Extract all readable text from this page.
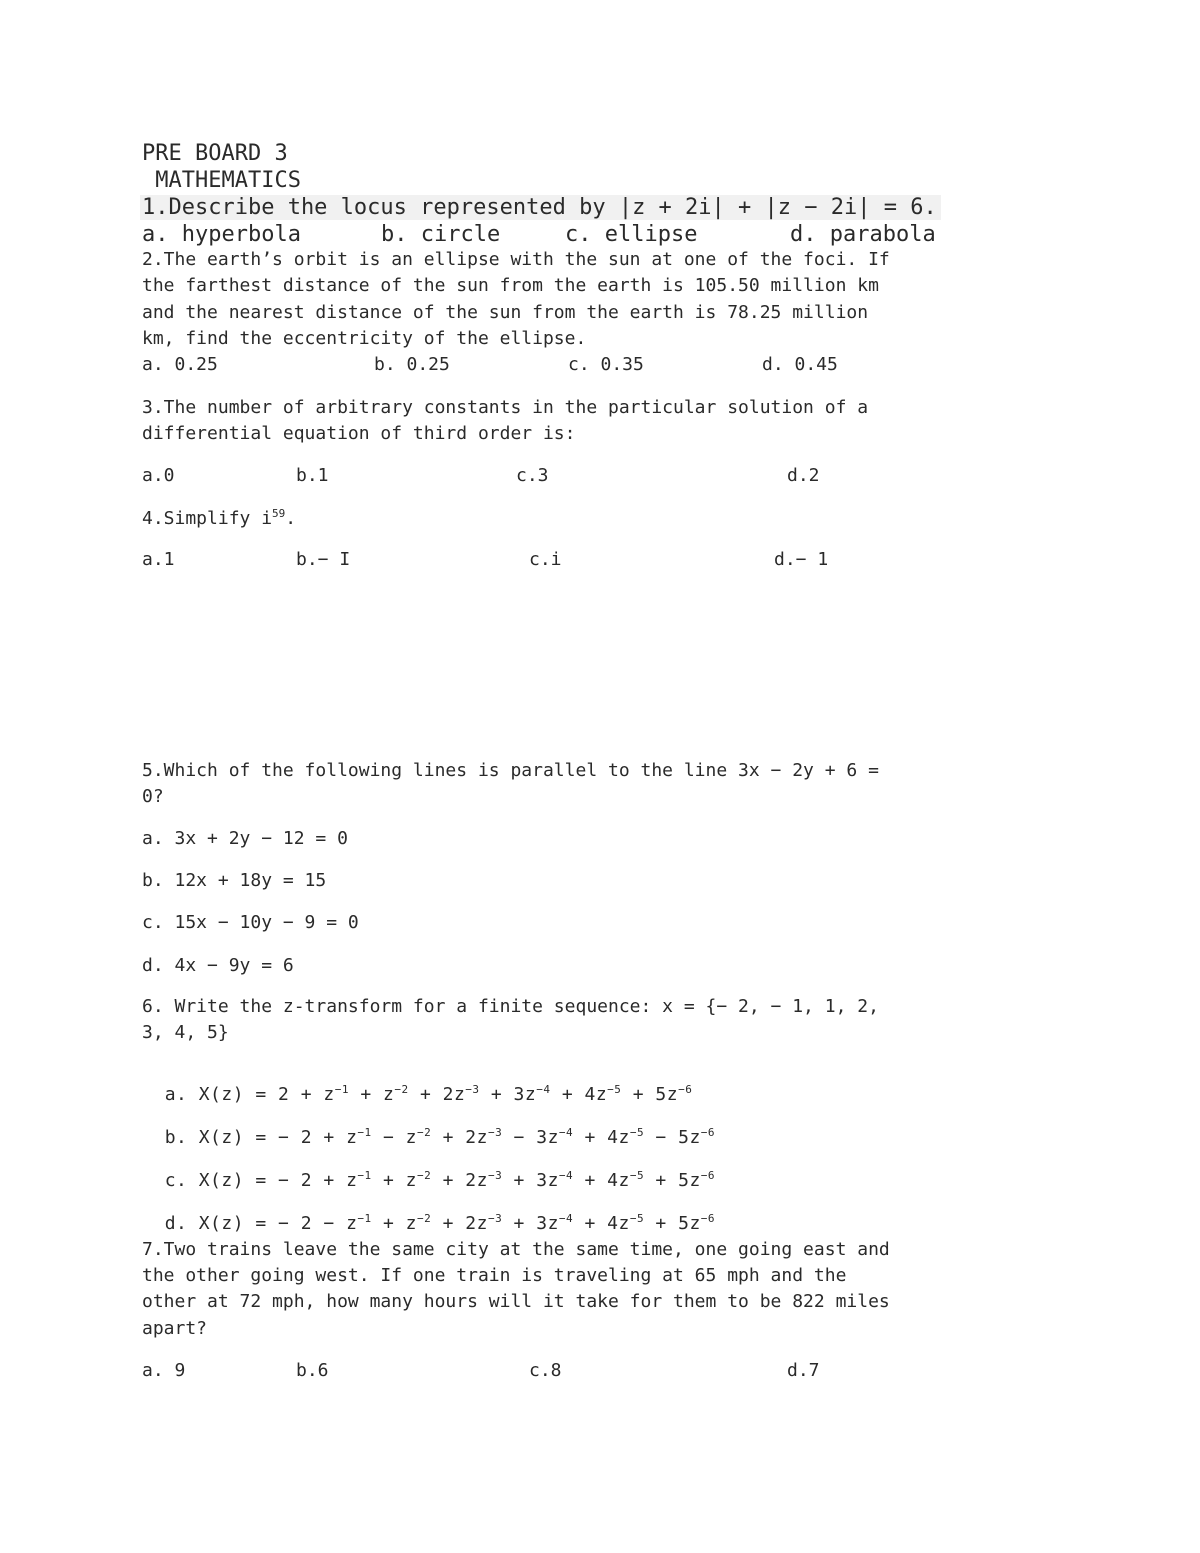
PRE BOARD 3
MATHEMATICS
1.Describe the locus represented by |z + 2i| + |z − 2i| = 6.
a. hyperbola	b. circle	c. ellipse	d. parabola
2.The earth’s orbit is an ellipse with the sun at one of the foci. If
the farthest distance of the sun from the earth is 105.50 million km
and the nearest distance of the sun from the earth is 78.25 million
km, find the eccentricity of the ellipse.
a. 0.25	b. 0.25	c. 0.35	d. 0.45
3.The number of arbitrary constants in the particular solution of a
differential equation of third order is:
a.0	b.1	c.3	d.2
4.Simplify $i^{59}$.
a.1	b.− I	c.i	d.− 1
5.Which of the following lines is parallel to the line 3x − 2y + 6 =
0?
a. 3x + 2y − 12 = 0
b. 12x + 18y = 15
c. 15x − 10y − 9 = 0
d. 4x − 9y = 6
6. Write the z-transform for a finite sequence: x = {− 2, − 1, 1, 2,
3, 4, 5}

a. $X(z) = 2 + z^{-1} + z^{-2} + 2z^{-3} + 3z^{-4} + 4z^{-5} + 5z^{-6}$

b. X(z) = − $2 + z^{-1} - z^{-2} + 2z^{-3} - 3z^{-4} + 4z^{-5} - 5z^{-6}$

c. X(z) = − $2 + z^{-1} + z^{-2} + 2z^{-3} + 3z^{-4} + 4z^{-5} + 5z^{-6}$

d. X(z) = − $2 - z^{-1} + z^{-2} + 2z^{-3} + 3z^{-4} + 4z^{-5} + 5z^{-6}$

7.Two trains leave the same city at the same time, one going east and
the other going west. If one train is traveling at 65 mph and the
other at 72 mph, how many hours will it take for them to be 822 miles
apart?
a. 9	b.6	c.8	d.7
